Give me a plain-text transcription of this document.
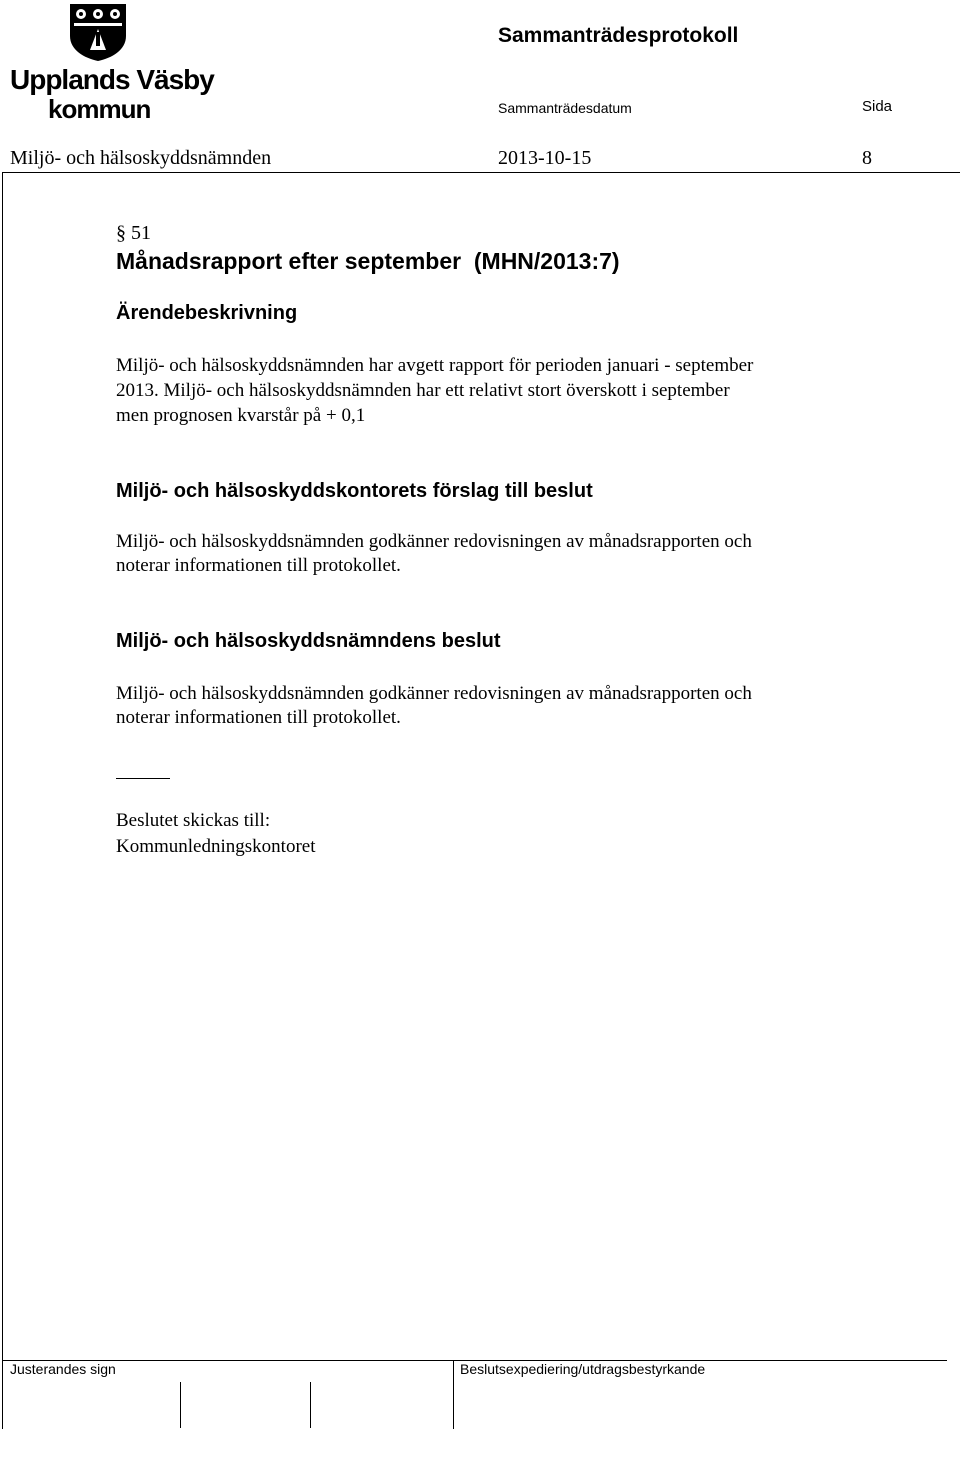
Upplands Väsby
kommun
Sammanträdesprotokoll
Sammanträdesdatum	Sida
Miljö- och hälsoskyddsnämnden	2013-10-15	8
§ 51
Månadsrapport efter september  (MHN/2013:7)
Ärendebeskrivning
Miljö- och hälsoskyddsnämnden har avgett rapport för perioden januari - september
2013. Miljö- och hälsoskyddsnämnden har ett relativt stort överskott i september
men prognosen kvarstår på + 0,1
Miljö- och hälsoskyddskontorets förslag till beslut
Miljö- och hälsoskyddsnämnden godkänner redovisningen av månadsrapporten och
noterar informationen till protokollet.
Miljö- och hälsoskyddsnämndens beslut
Miljö- och hälsoskyddsnämnden godkänner redovisningen av månadsrapporten och
noterar informationen till protokollet.
Beslutet skickas till:
Kommunledningskontoret
Justerandes sign	Beslutsexpediering/utdragsbestyrkande
